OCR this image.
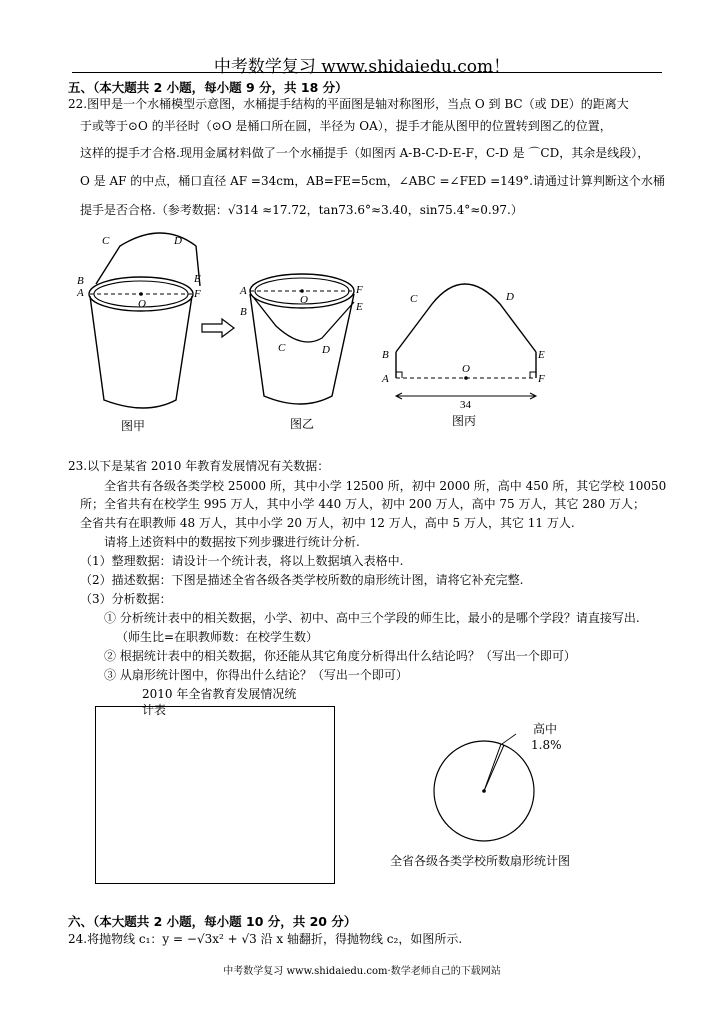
中考数学复习 www.shidaiedu.com！
五、（本大题共 2 小题，每小题 9 分，共 18 分）
22.图甲是一个水桶模型示意图，水桶提手结构的平面图是轴对称图形，当点 O 到 BC（或 DE）的距离大
于或等于⊙O 的半径时（⊙O 是桶口所在圆，半径为 OA），提手才能从图甲的位置转到图乙的位置，
这样的提手才合格.现用金属材料做了一个水桶提手（如图丙 A-B-C-D-E-F，C-D 是 ⌒CD，其余是线段），
O 是 AF 的中点，桶口直径 AF =34cm，AB=FE=5cm，∠ABC =∠FED =149°.请通过计算判断这个水桶
提手是否合格.（参考数据：√314 ≈17.72，tan73.6°≈3.40，sin75.4°≈0.97.）
C	D
B
A
E
F
O
A
B
F
E
O
C	D
C	D
B
A
E
F
O
34
图甲	图乙	图丙
23.以下是某省 2010 年教育发展情况有关数据：
全省共有各级各类学校 25000 所，其中小学 12500 所，初中 2000 所，高中 450 所，其它学校 10050
所；全省共有在校学生 995 万人，其中小学 440 万人，初中 200 万人，高中 75 万人，其它 280 万人；
全省共有在职教师 48 万人，其中小学 20 万人，初中 12 万人，高中 5 万人，其它 11 万人.
请将上述资料中的数据按下列步骤进行统计分析.
（1）整理数据：请设计一个统计表，将以上数据填入表格中.
（2）描述数据：下图是描述全省各级各类学校所数的扇形统计图，请将它补充完整.
（3）分析数据：
① 分析统计表中的相关数据，小学、初中、高中三个学段的师生比，最小的是哪个学段？请直接写出.
（师生比=在职教师数：在校学生数）
② 根据统计表中的相关数据，你还能从其它角度分析得出什么结论吗？（写出一个即可）
③ 从扇形统计图中，你得出什么结论？（写出一个即可）
2010 年全省教育发展情况统
计表
高中
1.8%
全省各级各类学校所数扇形统计图
六、（本大题共 2 小题，每小题 10 分，共 20 分）
24.将抛物线 c₁：y = −√3x² + √3 沿 x 轴翻折，得抛物线 c₂，如图所示.
中考数学复习 www.shidaiedu.com·数学老师自己的下载网站
